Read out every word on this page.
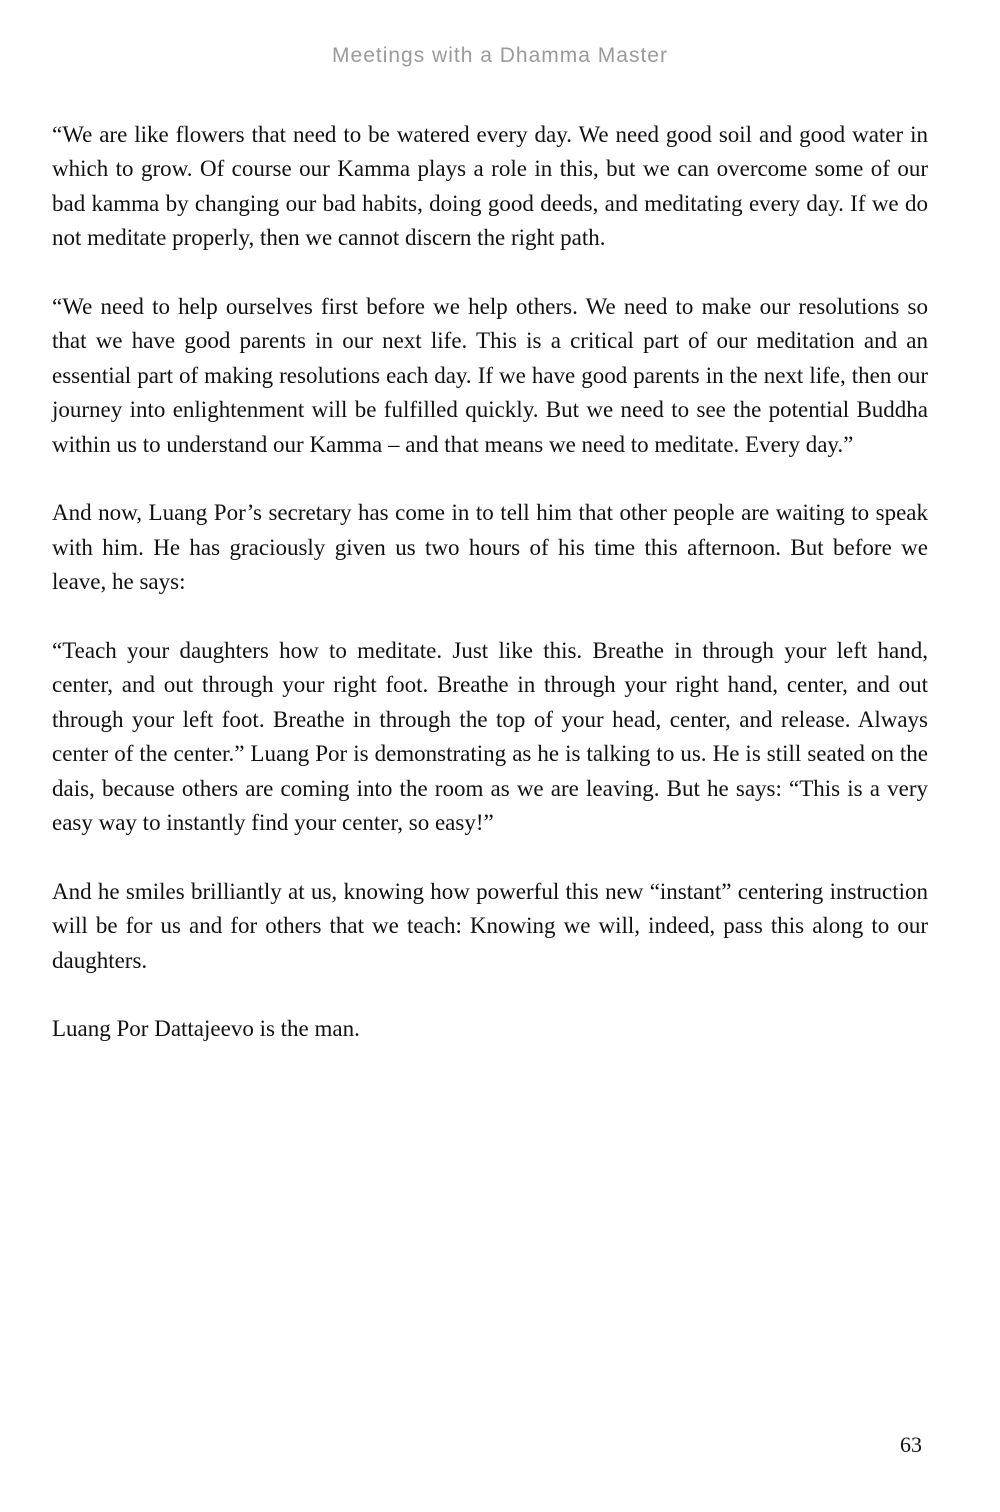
Meetings with a Dhamma Master

“We are like flowers that need to be watered every day. We need good soil and good water in which to grow. Of course our Kamma plays a role in this, but we can overcome some of our bad kamma by changing our bad habits, doing good deeds, and meditating every day. If we do not meditate properly, then we cannot discern the right path.

“We need to help ourselves first before we help others. We need to make our resolutions so that we have good parents in our next life. This is a critical part of our meditation and an essential part of making resolutions each day. If we have good parents in the next life, then our journey into enlightenment will be fulfilled quickly. But we need to see the potential Buddha within us to understand our Kamma – and that means we need to meditate. Every day.”

And now, Luang Por’s secretary has come in to tell him that other people are waiting to speak with him. He has graciously given us two hours of his time this afternoon. But before we leave, he says:

“Teach your daughters how to meditate. Just like this. Breathe in through your left hand, center, and out through your right foot. Breathe in through your right hand, center, and out through your left foot. Breathe in through the top of your head, center, and release. Always center of the center.” Luang Por is demonstrating as he is talking to us. He is still seated on the dais, because others are coming into the room as we are leaving. But he says: “This is a very easy way to instantly find your center, so easy!”

And he smiles brilliantly at us, knowing how powerful this new “instant” centering instruction will be for us and for others that we teach: Knowing we will, indeed, pass this along to our daughters.

Luang Por Dattajeevo is the man.

63
